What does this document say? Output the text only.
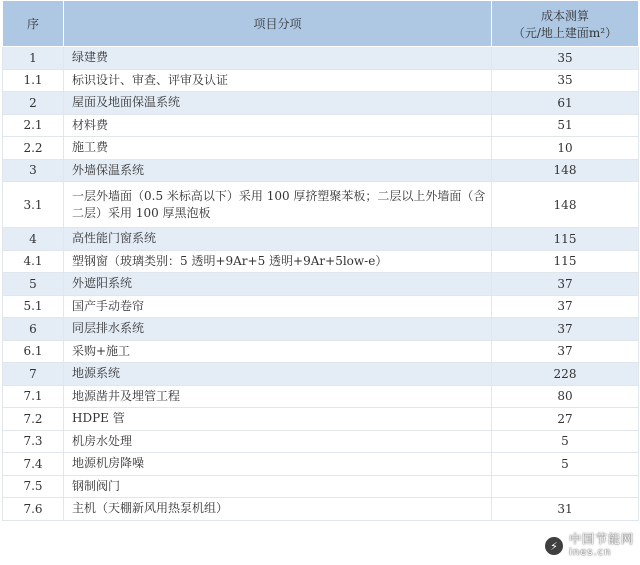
序	项目分项	成本测算
（元/地上建面m²）

1	绿建费	35
1.1	标识设计、审查、评审及认证	35
2	屋面及地面保温系统	61
2.1	材料费	51
2.2	施工费	10
3	外墙保温系统	148
3.1	一层外墙面（0.5 米标高以下）采用 100 厚挤塑聚苯板；二层以上外墙面（含二层）采用 100 厚黑泡板	148
4	高性能门窗系统	115
4.1	塑钢窗（玻璃类别：5 透明+9Ar+5 透明+9Ar+5low-e）	115
5	外遮阳系统	37
5.1	国产手动卷帘	37
6	同层排水系统	37
6.1	采购+施工	37
7	地源系统	228
7.1	地源凿井及埋管工程	80
7.2	HDPE 管	27
7.3	机房水处理	5
7.4	地源机房降噪	5
7.5	钢制阀门	
7.6	主机（天棚新风用热泵机组）	31
⚡ 中国节能网
ines.cn
